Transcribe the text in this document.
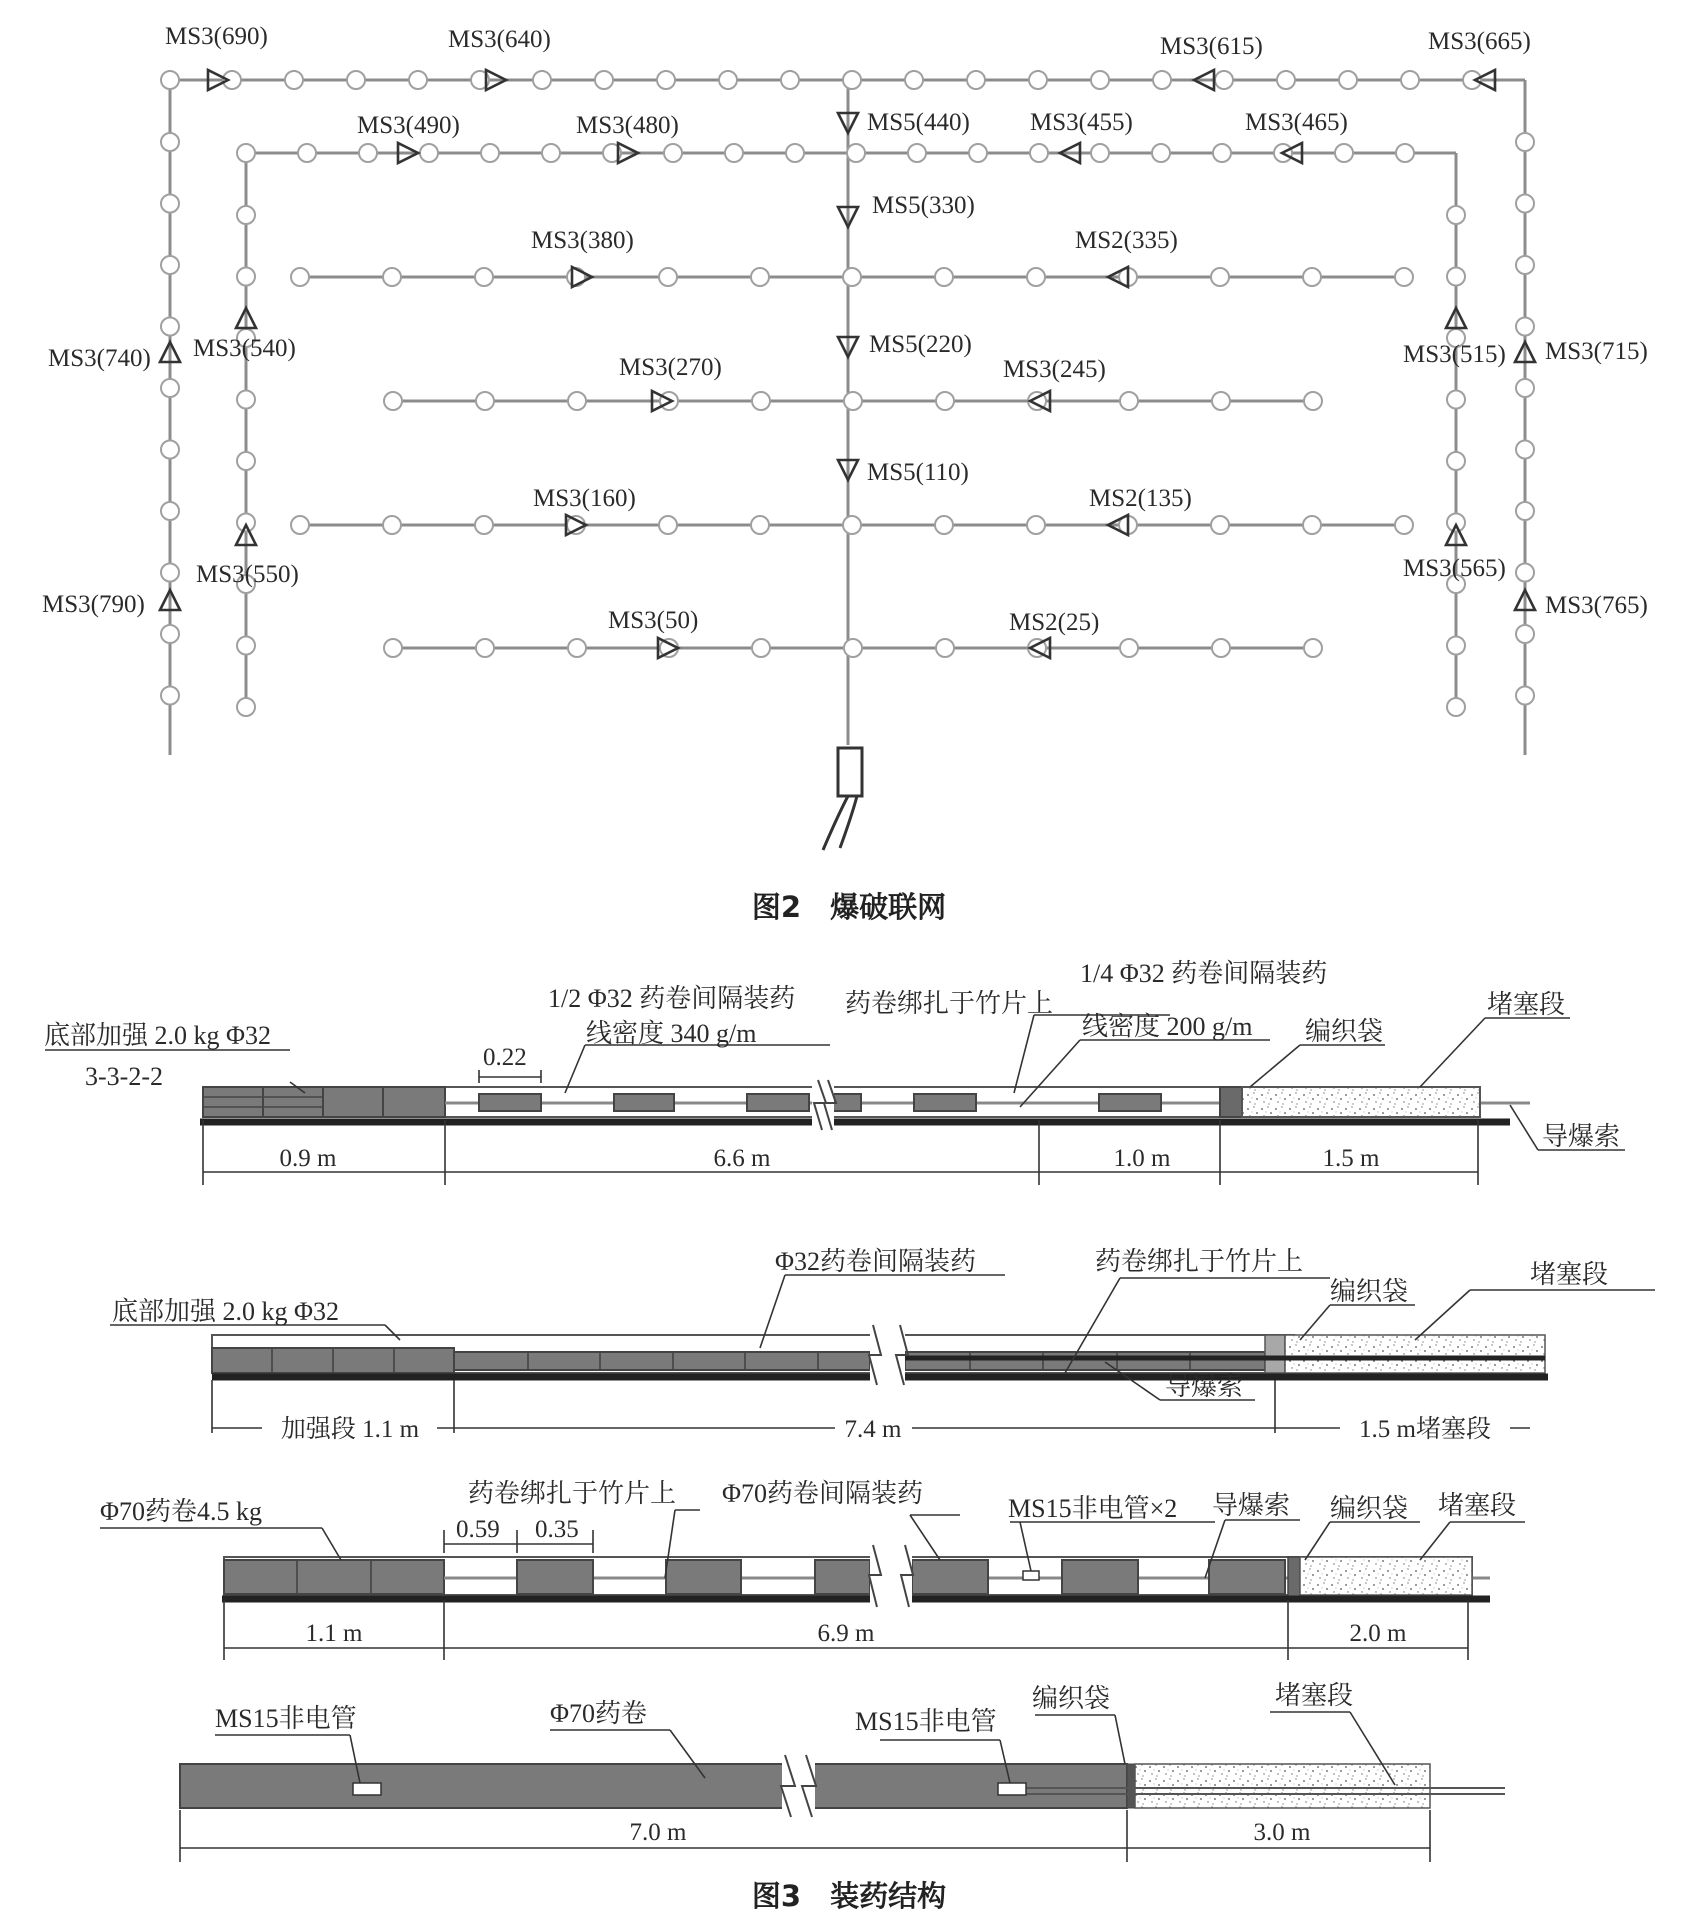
MS3(690)	MS3(640)	MS3(615)	MS3(665)
MS3(490)	MS3(480)	MS5(440) MS3(455)	MS3(465)
MS5(330)
MS3(380)	MS2(335)
MS3(740) MS3(540)	MS3(515) MS3(715)
MS5(220)
MS3(270)	MS3(245)
MS5(110)
MS3(160)	MS2(135)
MS3(790)
MS3(550)	MS3(565)
MS3(765)
MS3(50)	MS2(25)
图2　爆破联网
底部加强 2.0 kg Φ32
3-3-2-2
0.22
1/2 Φ32 药卷间隔装药
线密度 340 g/m
药卷绑扎于竹片上
1/4 Φ32 药卷间隔装药
线密度 200 g/m 编织袋
堵塞段
导爆索
0.9 m	6.6 m	1.0 m	1.5 m
底部加强 2.0 kg Φ32
Φ32药卷间隔装药	药卷绑扎于竹片上
编织袋
堵塞段
导爆索
加强段 1.1 m	7.4 m	1.5 m堵塞段
Φ70药卷4.5 kg
药卷绑扎于竹片上 Φ70药卷间隔装药
MS15非电管×2 导爆索 编织袋 堵塞段
0.59 0.35
1.1 m	6.9 m	2.0 m
MS15非电管	Φ70药卷	MS15非电管
编织袋	堵塞段
7.0 m	3.0 m
图3　装药结构
